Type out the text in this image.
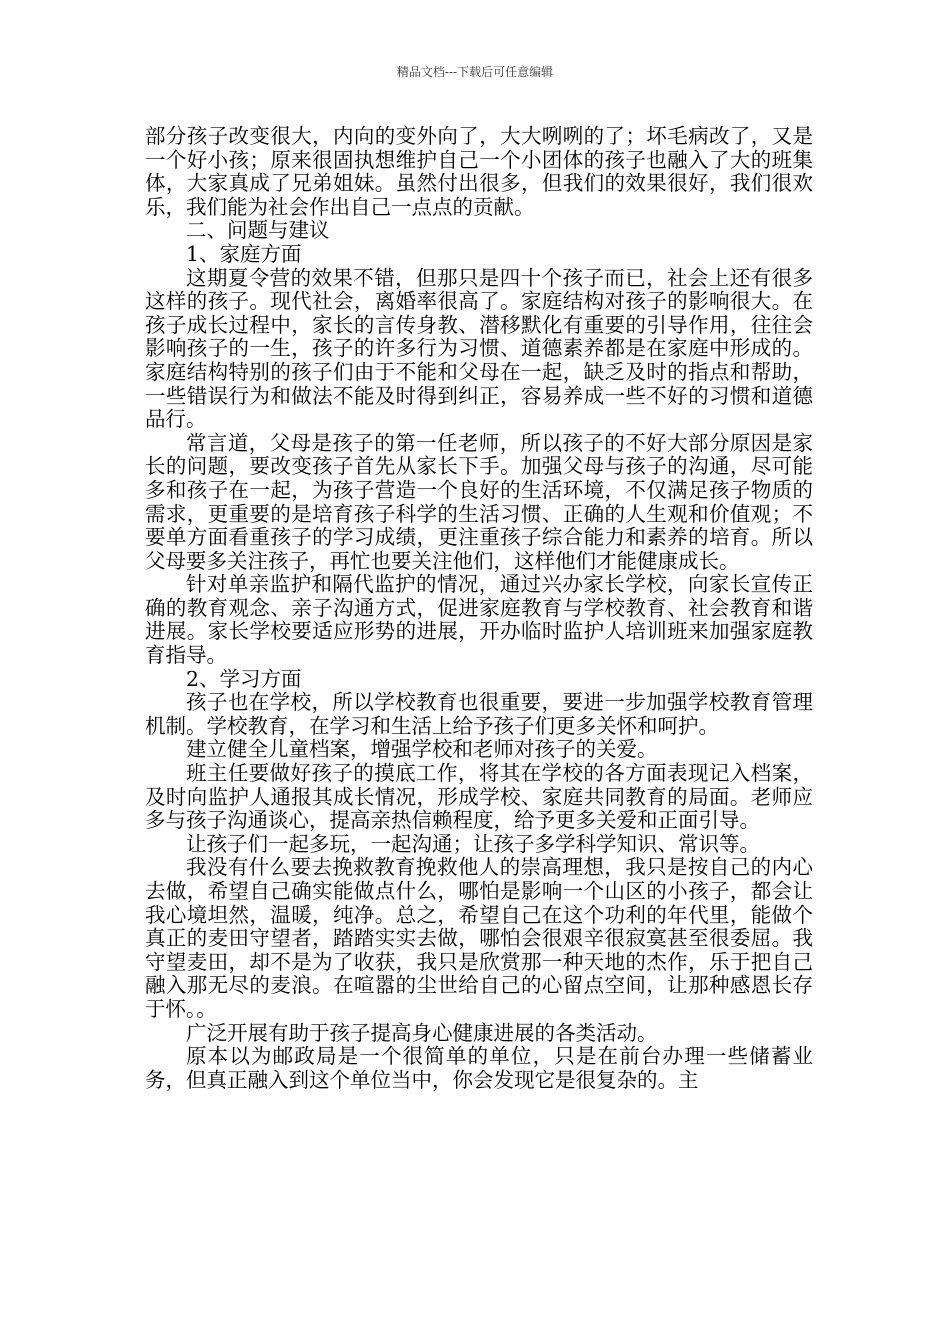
精品文档---下载后可任意编辑

部分孩子改变很大，内向的变外向了，大大咧咧的了；坏毛病改了，又是一个好小孩；原来很固执想维护自己一个小团体的孩子也融入了大的班集体，大家真成了兄弟姐妹。虽然付出很多，但我们的效果很好，我们很欢乐，我们能为社会作出自己一点点的贡献。

二、问题与建议

1、家庭方面

这期夏令营的效果不错，但那只是四十个孩子而已，社会上还有很多这样的孩子。现代社会，离婚率很高了。家庭结构对孩子的影响很大。在孩子成长过程中，家长的言传身教、潜移默化有重要的引导作用，往往会影响孩子的一生，孩子的许多行为习惯、道德素养都是在家庭中形成的。家庭结构特别的孩子们由于不能和父母在一起，缺乏及时的指点和帮助，一些错误行为和做法不能及时得到纠正，容易养成一些不好的习惯和道德品行。

常言道，父母是孩子的第一任老师，所以孩子的不好大部分原因是家长的问题，要改变孩子首先从家长下手。加强父母与孩子的沟通，尽可能多和孩子在一起，为孩子营造一个良好的生活环境，不仅满足孩子物质的需求，更重要的是培育孩子科学的生活习惯、正确的人生观和价值观；不要单方面看重孩子的学习成绩，更注重孩子综合能力和素养的培育。所以父母要多关注孩子，再忙也要关注他们，这样他们才能健康成长。

针对单亲监护和隔代监护的情况，通过兴办家长学校，向家长宣传正确的教育观念、亲子沟通方式，促进家庭教育与学校教育、社会教育和谐进展。家长学校要适应形势的进展，开办临时监护人培训班来加强家庭教育指导。

2、学习方面

孩子也在学校，所以学校教育也很重要，要进一步加强学校教育管理机制。学校教育，在学习和生活上给予孩子们更多关怀和呵护。

建立健全儿童档案，增强学校和老师对孩子的关爱。

班主任要做好孩子的摸底工作，将其在学校的各方面表现记入档案，及时向监护人通报其成长情况，形成学校、家庭共同教育的局面。老师应多与孩子沟通谈心，提高亲热信赖程度，给予更多关爱和正面引导。

让孩子们一起多玩，一起沟通；让孩子多学科学知识、常识等。

我没有什么要去挽救教育挽救他人的崇高理想，我只是按自己的内心去做，希望自己确实能做点什么，哪怕是影响一个山区的小孩子，都会让我心境坦然，温暖，纯净。总之，希望自己在这个功利的年代里，能做个真正的麦田守望者，踏踏实实去做，哪怕会很艰辛很寂寞甚至很委屈。我守望麦田，却不是为了收获，我只是欣赏那一种天地的杰作，乐于把自己融入那无尽的麦浪。在喧嚣的尘世给自己的心留点空间，让那种感恩长存于怀。。

广泛开展有助于孩子提高身心健康进展的各类活动。

原本以为邮政局是一个很简单的单位，只是在前台办理一些储蓄业务，但真正融入到这个单位当中，你会发现它是很复杂的。主
